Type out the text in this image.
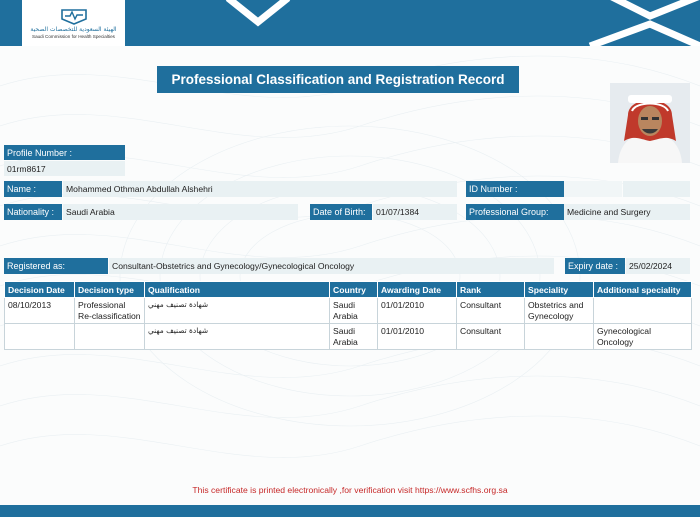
الهيئة السعودية للتخصصات الصحية
Saudi Commission for Health Specialties
Professional Classification and Registration Record
Profile Number :
01rm8617
Name :	Mohammed Othman Abdullah Alshehri	ID Number :
Nationality :	Saudi Arabia	Date of Birth:	01/07/1384	Professional Group:	Medicine and Surgery
Registered as:	Consultant-Obstetrics and Gynecology/Gynecological Oncology	Expiry date :	25/02/2024
Decision Date	Decision type	Qualification	Country	Awarding Date	Rank	Speciality	Additional speciality
08/10/2013	Professional Re-classification	شهادة تصنيف مهني	Saudi Arabia	01/01/2010	Consultant	Obstetrics and Gynecology	
		شهادة تصنيف مهني	Saudi Arabia	01/01/2010	Consultant		Gynecological Oncology
This certificate is printed electronically ,for verification visit https://www.scfhs.org.sa
